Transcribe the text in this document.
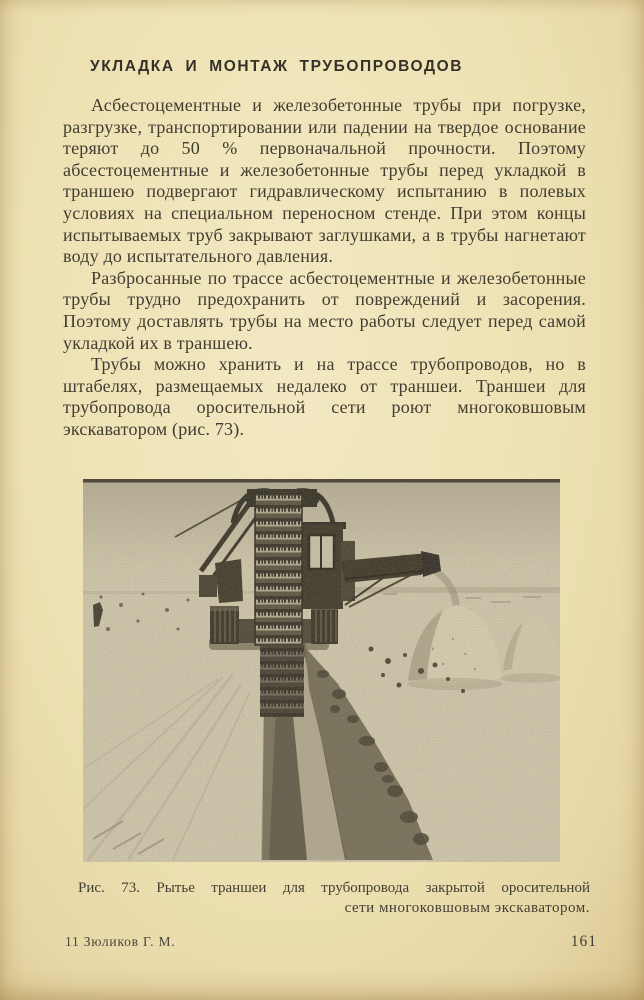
УКЛАДКА И МОНТАЖ ТРУБОПРОВОДОВ

Асбестоцементные и железобетонные трубы при погрузке, разгрузке, транспортировании или падении на твердое основание теряют до 50 % первоначальной прочности. Поэтому абсестоцементные и железобетонные трубы перед укладкой в траншею подвергают гидравлическому испытанию в полевых условиях на специальном переносном стенде. При этом концы испытываемых труб закрывают заглушками, а в трубы нагнетают воду до испытательного давления.

Разбросанные по трассе асбестоцементные и железобетонные трубы трудно предохранить от повреждений и засорения. Поэтому доставлять трубы на место работы следует перед самой укладкой их в траншею.

Трубы можно хранить и на трассе трубопроводов, но в штабелях, размещаемых недалеко от траншеи. Траншеи для трубопровода оросительной сети роют многоковшовым экскаватором (рис. 73).

Рис. 73. Рытье траншеи для трубопровода закрытой оросительной
сети многоковшовым экскаватором.
11 Зюликов Г. М.	161
